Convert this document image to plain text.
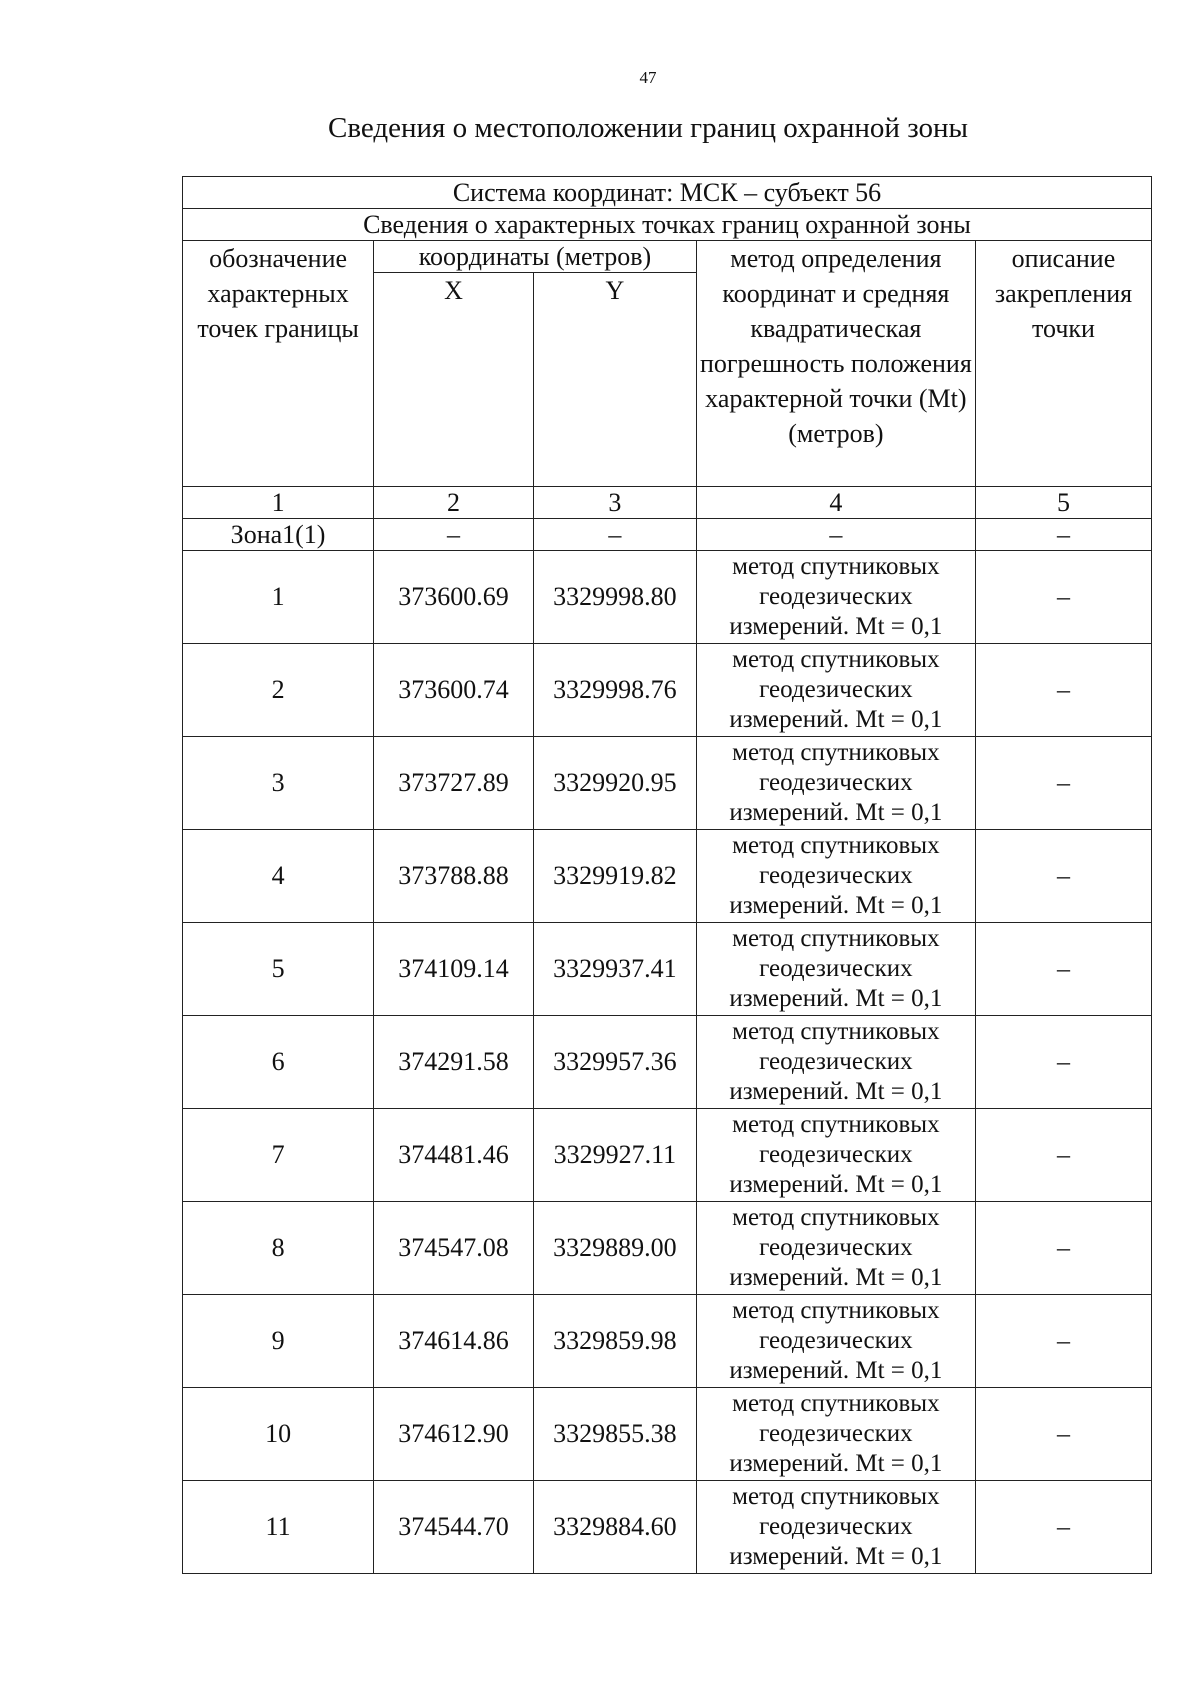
47
Сведения о местоположении границ охранной зоны
Система координат: МСК – субъект 56				
Сведения о характерных точках границ охранной зоны				
обозначение характерных точек границы	координаты (метров)		метод определения координат и средняя квадратическая погрешность положения характерной точки (Mt) (метров)	описание закрепления точки
	X	Y		
1	2	3	4	5
Зона1(1)	–	–	–	–
1	373600.69	3329998.80	метод спутниковых геодезических измерений. Mt = 0,1	–
2	373600.74	3329998.76	метод спутниковых геодезических измерений. Mt = 0,1	–
3	373727.89	3329920.95	метод спутниковых геодезических измерений. Mt = 0,1	–
4	373788.88	3329919.82	метод спутниковых геодезических измерений. Mt = 0,1	–
5	374109.14	3329937.41	метод спутниковых геодезических измерений. Mt = 0,1	–
6	374291.58	3329957.36	метод спутниковых геодезических измерений. Mt = 0,1	–
7	374481.46	3329927.11	метод спутниковых геодезических измерений. Mt = 0,1	–
8	374547.08	3329889.00	метод спутниковых геодезических измерений. Mt = 0,1	–
9	374614.86	3329859.98	метод спутниковых геодезических измерений. Mt = 0,1	–
10	374612.90	3329855.38	метод спутниковых геодезических измерений. Mt = 0,1	–
11	374544.70	3329884.60	метод спутниковых геодезических измерений. Mt = 0,1	–
